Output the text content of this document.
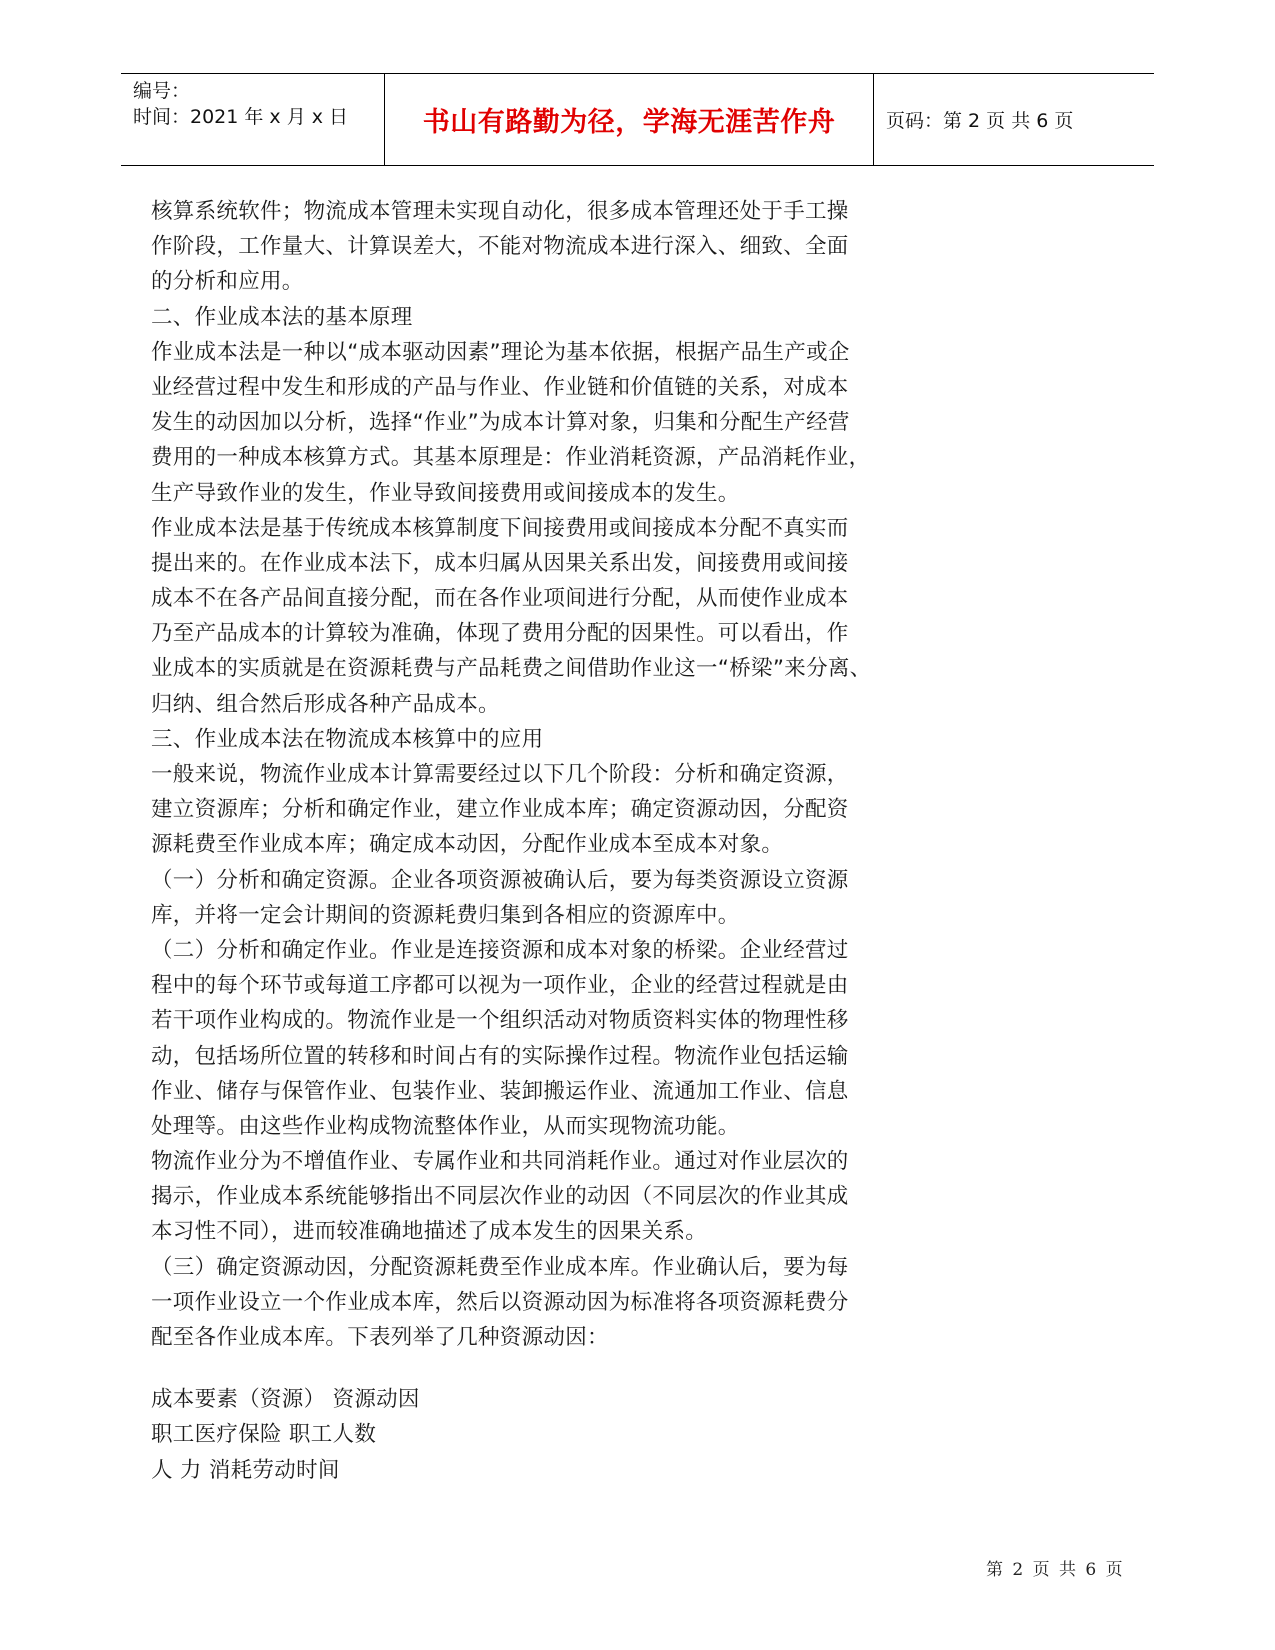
编号：
时间：2021 年 x 月 x 日	书山有路勤为径，学海无涯苦作舟	页码：第 2 页 共 6 页
核算系统软件；物流成本管理未实现自动化，很多成本管理还处于手工操
作阶段，工作量大、计算误差大，不能对物流成本进行深入、细致、全面
的分析和应用。
二、作业成本法的基本原理
作业成本法是一种以“成本驱动因素”理论为基本依据，根据产品生产或企
业经营过程中发生和形成的产品与作业、作业链和价值链的关系，对成本
发生的动因加以分析，选择“作业”为成本计算对象，归集和分配生产经营
费用的一种成本核算方式。其基本原理是：作业消耗资源，产品消耗作业，
生产导致作业的发生，作业导致间接费用或间接成本的发生。
作业成本法是基于传统成本核算制度下间接费用或间接成本分配不真实而
提出来的。在作业成本法下，成本归属从因果关系出发，间接费用或间接
成本不在各产品间直接分配，而在各作业项间进行分配，从而使作业成本
乃至产品成本的计算较为准确，体现了费用分配的因果性。可以看出，作
业成本的实质就是在资源耗费与产品耗费之间借助作业这一“桥梁”来分离、
归纳、组合然后形成各种产品成本。
三、作业成本法在物流成本核算中的应用
一般来说，物流作业成本计算需要经过以下几个阶段：分析和确定资源，
建立资源库；分析和确定作业，建立作业成本库；确定资源动因，分配资
源耗费至作业成本库；确定成本动因，分配作业成本至成本对象。
（一）分析和确定资源。企业各项资源被确认后，要为每类资源设立资源
库，并将一定会计期间的资源耗费归集到各相应的资源库中。
（二）分析和确定作业。作业是连接资源和成本对象的桥梁。企业经营过
程中的每个环节或每道工序都可以视为一项作业，企业的经营过程就是由
若干项作业构成的。物流作业是一个组织活动对物质资料实体的物理性移
动，包括场所位置的转移和时间占有的实际操作过程。物流作业包括运输
作业、储存与保管作业、包装作业、装卸搬运作业、流通加工作业、信息
处理等。由这些作业构成物流整体作业，从而实现物流功能。
物流作业分为不增值作业、专属作业和共同消耗作业。通过对作业层次的
揭示，作业成本系统能够指出不同层次作业的动因（不同层次的作业其成
本习性不同），进而较准确地描述了成本发生的因果关系。
（三）确定资源动因，分配资源耗费至作业成本库。作业确认后，要为每
一项作业设立一个作业成本库，然后以资源动因为标准将各项资源耗费分
配至各作业成本库。下表列举了几种资源动因：
成本要素（资源） 资源动因
职工医疗保险 职工人数
人 力 消耗劳动时间
第 2 页 共 6 页
